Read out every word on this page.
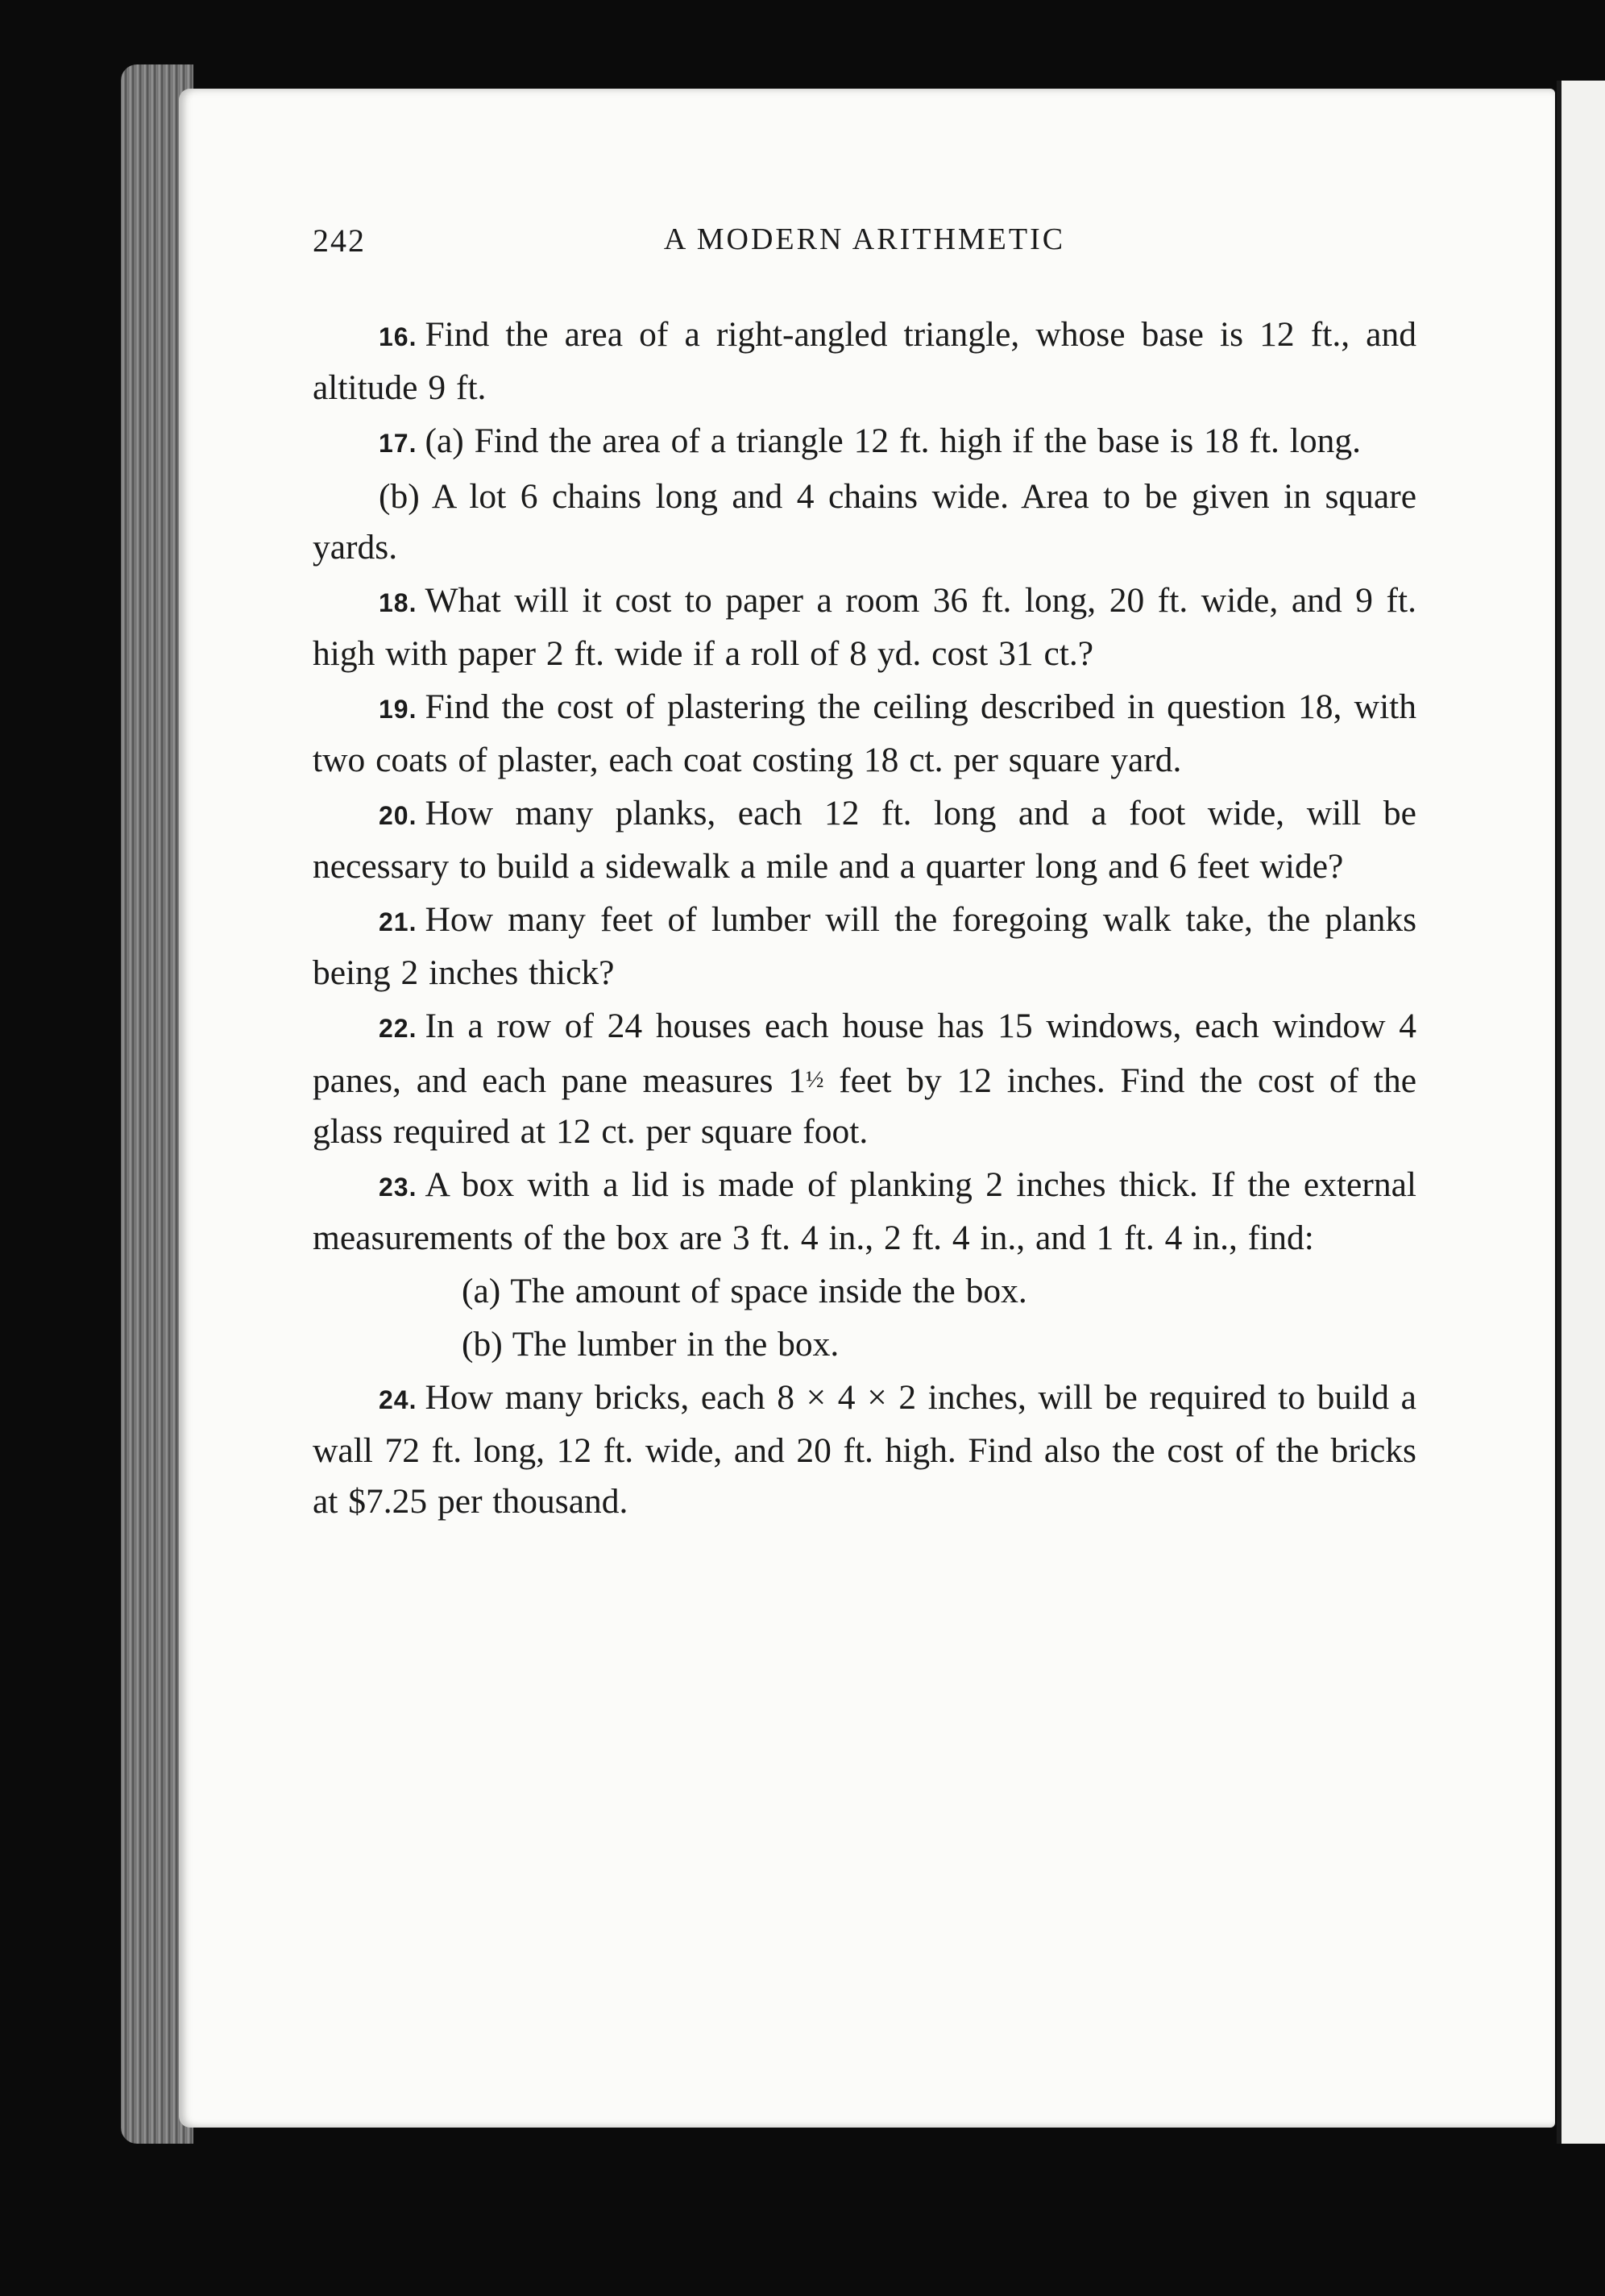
242	A MODERN ARITHMETIC

16. Find the area of a right-angled triangle, whose base is 12 ft., and altitude 9 ft.

17. (a) Find the area of a triangle 12 ft. high if the base is 18 ft. long.

(b) A lot 6 chains long and 4 chains wide. Area to be given in square yards.

18. What will it cost to paper a room 36 ft. long, 20 ft. wide, and 9 ft. high with paper 2 ft. wide if a roll of 8 yd. cost 31 ct.?

19. Find the cost of plastering the ceiling described in question 18, with two coats of plaster, each coat costing 18 ct. per square yard.

20. How many planks, each 12 ft. long and a foot wide, will be necessary to build a sidewalk a mile and a quarter long and 6 feet wide?

21. How many feet of lumber will the foregoing walk take, the planks being 2 inches thick?

22. In a row of 24 houses each house has 15 windows, each window 4 panes, and each pane measures 1½ feet by 12 inches. Find the cost of the glass required at 12 ct. per square foot.

23. A box with a lid is made of planking 2 inches thick. If the external measurements of the box are 3 ft. 4 in., 2 ft. 4 in., and 1 ft. 4 in., find:

(a) The amount of space inside the box.

(b) The lumber in the box.

24. How many bricks, each 8 × 4 × 2 inches, will be required to build a wall 72 ft. long, 12 ft. wide, and 20 ft. high. Find also the cost of the bricks at $7.25 per thousand.
